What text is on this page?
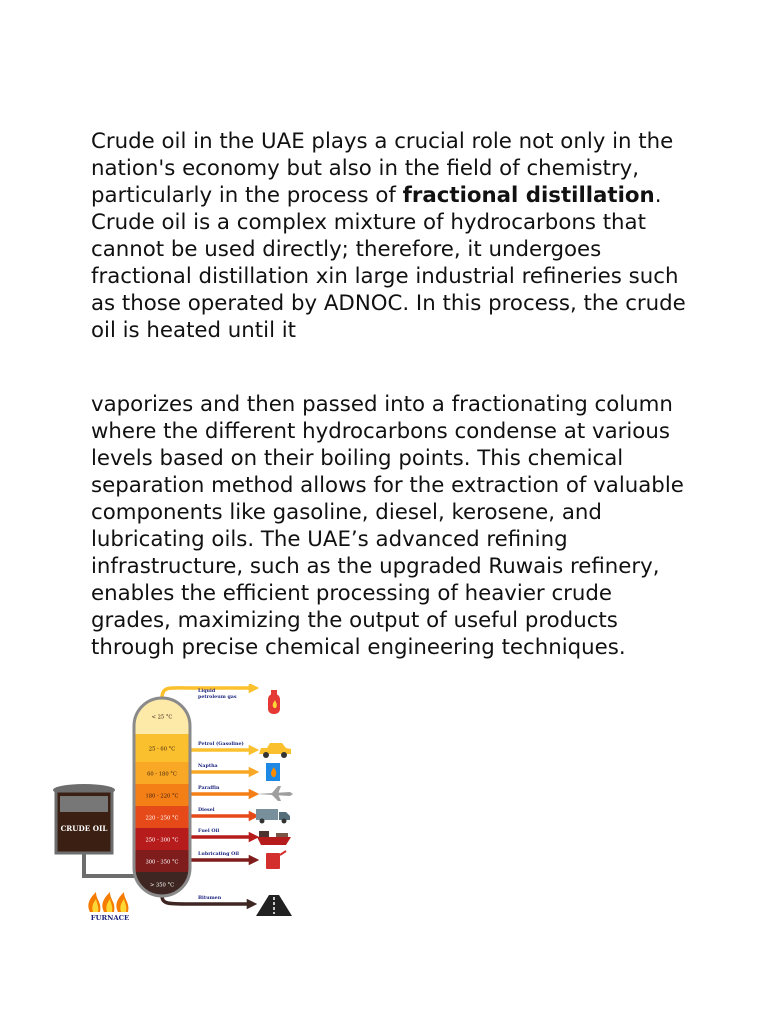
Crude oil in the UAE plays a crucial role not only in the nation's economy but also in the field of chemistry, particularly in the process of fractional distillation. Crude oil is a complex mixture of hydrocarbons that cannot be used directly; therefore, it undergoes fractional distillation xin large industrial refineries such as those operated by ADNOC. In this process, the crude oil is heated until it

vaporizes and then passed into a fractionating column where the different hydrocarbons condense at various levels based on their boiling points. This chemical separation method allows for the extraction of valuable components like gasoline, diesel, kerosene, and lubricating oils. The UAE’s advanced refining infrastructure, such as the upgraded Ruwais refinery, enables the efficient processing of heavier crude grades, maximizing the output of useful products through precise chemical engineering techniques.

CRUDE OIL
FURNACE
< 25 °C
Liquid petroleum gas
25 - 60 °C
Petrol (Gasoline)
60 - 180 °C
Naptha
180 - 220 °C
Paraffin
220 - 250 °C
Diesel
250 - 300 °C
Fuel Oil
300 - 350 °C
Lubricating Oil
> 350 °C
Bitumen
